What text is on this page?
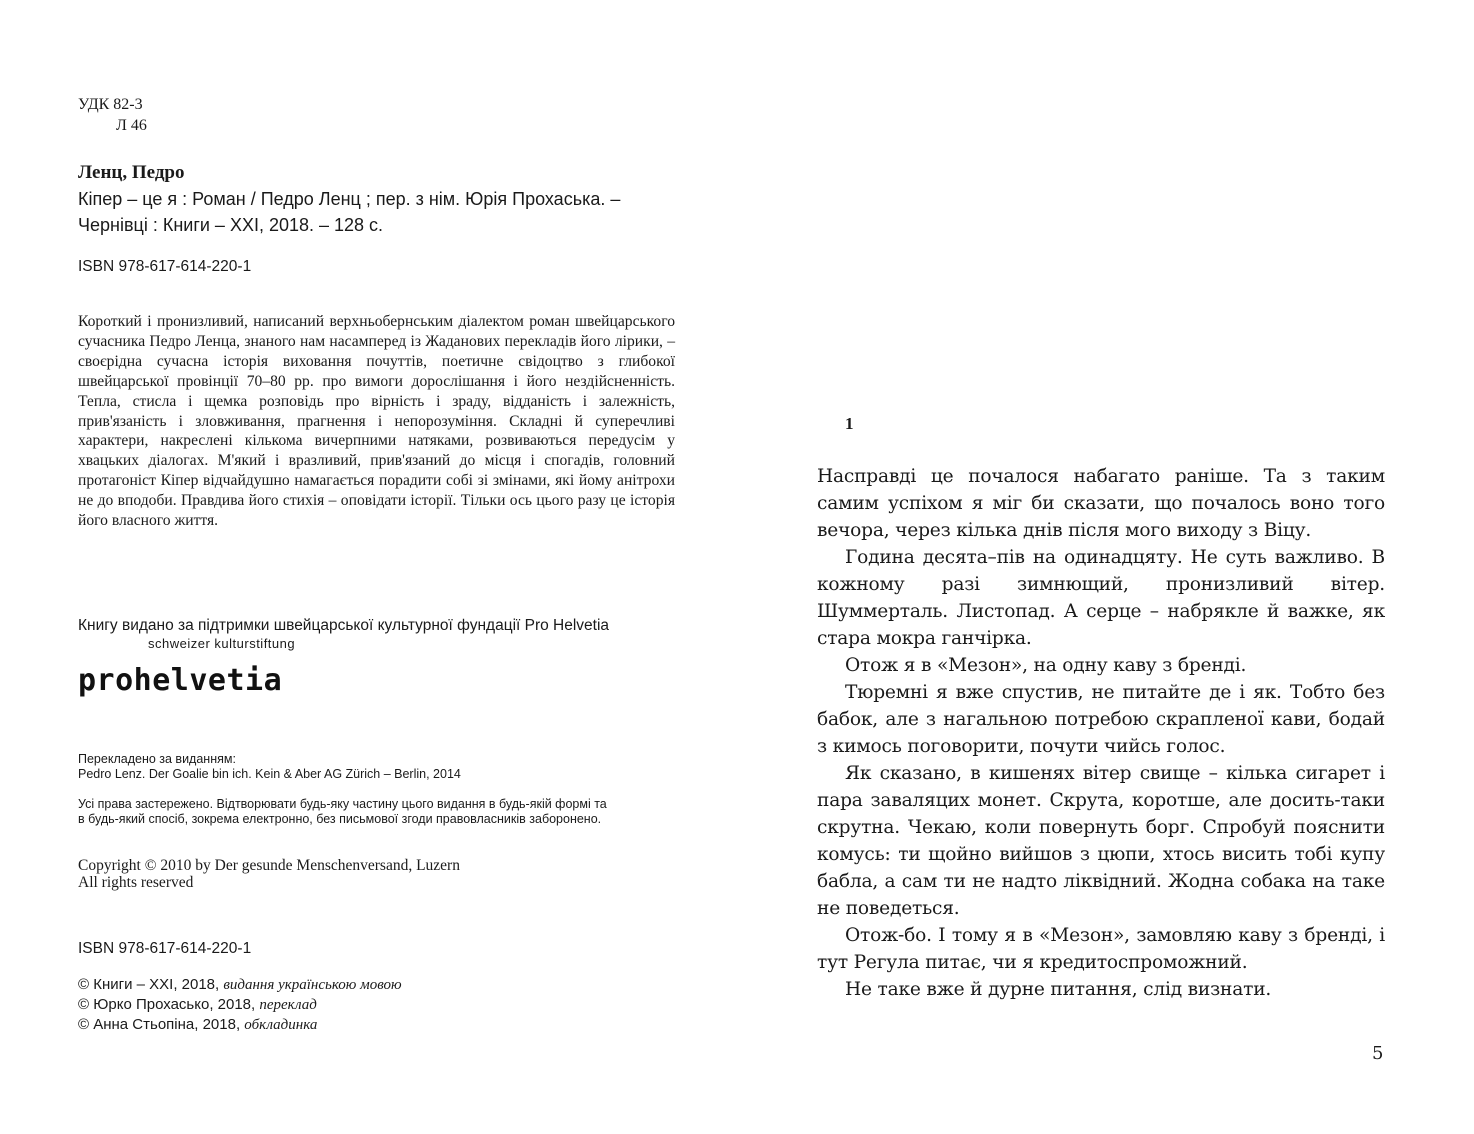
УДК 82-3
Л 46
Ленц, Педро
Кіпер – це я : Роман / Педро Ленц ; пер. з нім. Юрія Прохаська. –
Чернівці : Книги – ХХІ, 2018. – 128 с.
ISBN 978-617-614-220-1
Короткий і пронизливий, написаний верхньобернським діалектом роман швейцарського сучасника Педро Ленца, знаного нам насамперед із Жаданових перекладів його лірики, – своєрідна сучасна історія виховання почуттів, поетичне свідоцтво з глибокої швейцарської провінції 70–80 рр. про вимоги дорослішання і його нездійсненність. Тепла, стисла і щемка розповідь про вірність і зраду, відданість і залежність, прив'язаність і зловживання, прагнення і непорозуміння. Складні й суперечливі характери, накреслені кількома вичерпними натяками, розвиваються передусім у хвацьких діалогах. М'який і вразливий, прив'язаний до місця і спогадів, головний протагоніст Кіпер відчайдушно намагається порадити собі зі змінами, які йому анітрохи не до вподоби. Правдива його стихія – оповідати історії. Тільки ось цього разу це історія його власного життя.
Книгу видано за підтримки швейцарської культурної фундації Pro Helvetia
schweizer kulturstiftung
prohelvetia
Перекладено за виданням:
Pedro Lenz. Der Goalie bin ich. Kein & Aber AG Zürich – Berlin, 2014
Усі права застережено. Відтворювати будь-яку частину цього видання в будь-якій формі та
в будь-який спосіб, зокрема електронно, без письмової згоди правовласників заборонено.
Copyright © 2010 by Der gesunde Menschenversand, Luzern
All rights reserved
ISBN 978-617-614-220-1
© Книги – ХХІ, 2018, видання українською мовою
© Юрко Прохасько, 2018, переклад
© Анна Стьопіна, 2018, обкладинка
1

Насправді це почалося набагато раніше. Та з таким самим успіхом я міг би сказати, що почалось воно того вечора, через кілька днів після мого виходу з Віцу.

Година десята–пів на одинадцяту. Не суть важливо. В кожному разі зимнющий, пронизливий вітер. Шуммерталь. Листопад. А серце – набрякле й важке, як стара мокра ганчірка.

Отож я в «Мезон», на одну каву з бренді.

Тюремні я вже спустив, не питайте де і як. Тобто без бабок, але з нагальною потребою скрапленої кави, бодай з кимось поговорити, почути чийсь голос.

Як сказано, в кишенях вітер свище – кілька сигарет і пара заваляцих монет. Скрута, коротше, але досить-таки скрутна. Чекаю, коли повернуть борг. Спробуй пояснити комусь: ти щойно вийшов з цюпи, хтось висить тобі купу бабла, а сам ти не надто ліквідний. Жодна собака на таке не поведеться.

Отож-бо. І тому я в «Мезон», замовляю каву з бренді, і тут Регула питає, чи я кредитоспроможний.

Не таке вже й дурне питання, слід визнати.

5
